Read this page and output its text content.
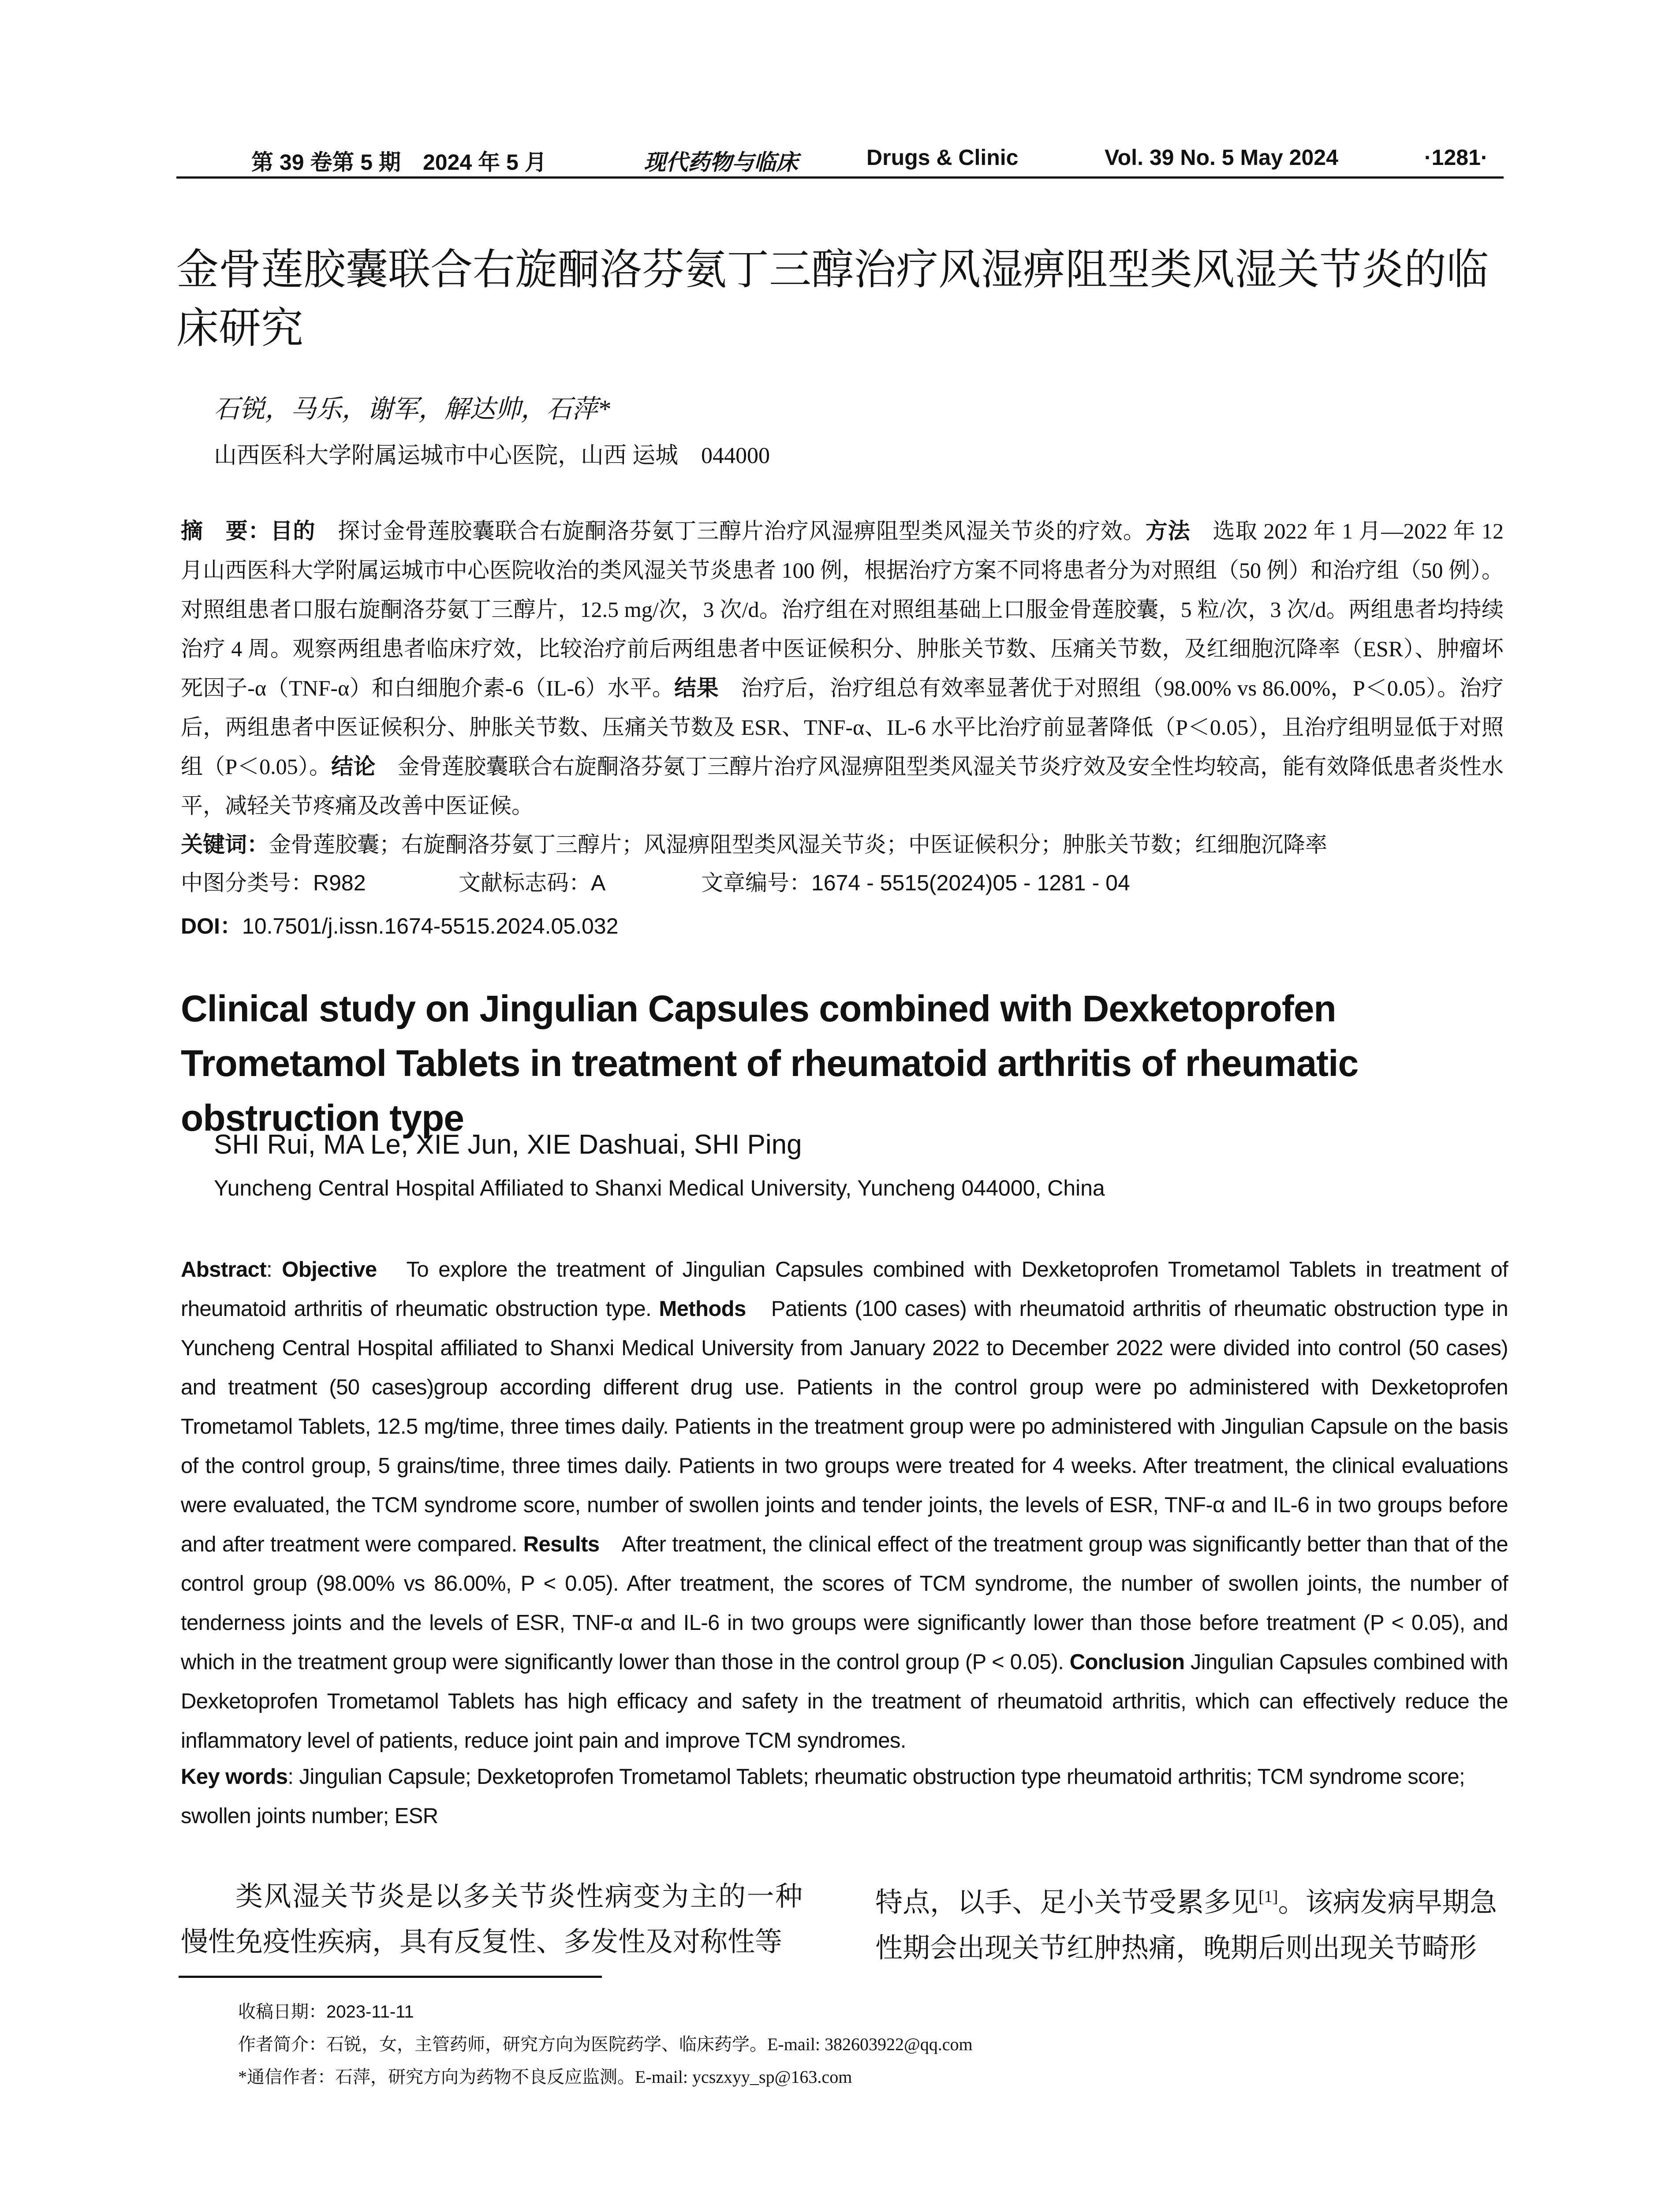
第 39 卷第 5 期　2024 年 5 月	现代药物与临床	Drugs & Clinic	Vol. 39 No. 5 May 2024	·1281·
金骨莲胶囊联合右旋酮洛芬氨丁三醇治疗风湿痹阻型类风湿关节炎的临床研究
石锐，马乐，谢军，解达帅，石萍*
山西医科大学附属运城市中心医院，山西 运城　044000
摘　要：目的　探讨金骨莲胶囊联合右旋酮洛芬氨丁三醇片治疗风湿痹阻型类风湿关节炎的疗效。方法　选取 2022 年 1 月—2022 年 12 月山西医科大学附属运城市中心医院收治的类风湿关节炎患者 100 例，根据治疗方案不同将患者分为对照组（50 例）和治疗组（50 例）。对照组患者口服右旋酮洛芬氨丁三醇片，12.5 mg/次，3 次/d。治疗组在对照组基础上口服金骨莲胶囊，5 粒/次，3 次/d。两组患者均持续治疗 4 周。观察两组患者临床疗效，比较治疗前后两组患者中医证候积分、肿胀关节数、压痛关节数，及红细胞沉降率（ESR）、肿瘤坏死因子-α（TNF-α）和白细胞介素-6（IL-6）水平。结果　治疗后，治疗组总有效率显著优于对照组（98.00% vs 86.00%，P＜0.05）。治疗后，两组患者中医证候积分、肿胀关节数、压痛关节数及 ESR、TNF-α、IL-6 水平比治疗前显著降低（P＜0.05），且治疗组明显低于对照组（P＜0.05）。结论　金骨莲胶囊联合右旋酮洛芬氨丁三醇片治疗风湿痹阻型类风湿关节炎疗效及安全性均较高，能有效降低患者炎性水平，减轻关节疼痛及改善中医证候。
关键词：金骨莲胶囊；右旋酮洛芬氨丁三醇片；风湿痹阻型类风湿关节炎；中医证候积分；肿胀关节数；红细胞沉降率
中图分类号：R982	文献标志码：A	文章编号：1674 - 5515(2024)05 - 1281 - 04
DOI：10.7501/j.issn.1674-5515.2024.05.032
Clinical study on Jingulian Capsules combined with Dexketoprofen Trometamol Tablets in treatment of rheumatoid arthritis of rheumatic obstruction type
SHI Rui, MA Le, XIE Jun, XIE Dashuai, SHI Ping
Yuncheng Central Hospital Affiliated to Shanxi Medical University, Yuncheng 044000, China
Abstract: Objective　To explore the treatment of Jingulian Capsules combined with Dexketoprofen Trometamol Tablets in treatment of rheumatoid arthritis of rheumatic obstruction type. Methods　Patients (100 cases) with rheumatoid arthritis of rheumatic obstruction type in Yuncheng Central Hospital affiliated to Shanxi Medical University from January 2022 to December 2022 were divided into control (50 cases) and treatment (50 cases)group according different drug use. Patients in the control group were po administered with Dexketoprofen Trometamol Tablets, 12.5 mg/time, three times daily. Patients in the treatment group were po administered with Jingulian Capsule on the basis of the control group, 5 grains/time, three times daily. Patients in two groups were treated for 4 weeks. After treatment, the clinical evaluations were evaluated, the TCM syndrome score, number of swollen joints and tender joints, the levels of ESR, TNF-α and IL-6 in two groups before and after treatment were compared. Results　After treatment, the clinical effect of the treatment group was significantly better than that of the control group (98.00% vs 86.00%, P < 0.05). After treatment, the scores of TCM syndrome, the number of swollen joints, the number of tenderness joints and the levels of ESR, TNF-α and IL-6 in two groups were significantly lower than those before treatment (P < 0.05), and which in the treatment group were significantly lower than those in the control group (P < 0.05). Conclusion Jingulian Capsules combined with Dexketoprofen Trometamol Tablets has high efficacy and safety in the treatment of rheumatoid arthritis, which can effectively reduce the inflammatory level of patients, reduce joint pain and improve TCM syndromes.
Key words: Jingulian Capsule; Dexketoprofen Trometamol Tablets; rheumatic obstruction type rheumatoid arthritis; TCM syndrome score; swollen joints number; ESR
类风湿关节炎是以多关节炎性病变为主的一种慢性免疫性疾病，具有反复性、多发性及对称性等
特点，以手、足小关节受累多见[1]。该病发病早期急性期会出现关节红肿热痛，晚期后则出现关节畸形
收稿日期：2023-11-11
作者简介：石锐，女，主管药师，研究方向为医院药学、临床药学。E-mail: 382603922@qq.com
*通信作者：石萍，研究方向为药物不良反应监测。E-mail: ycszxyy_sp@163.com
